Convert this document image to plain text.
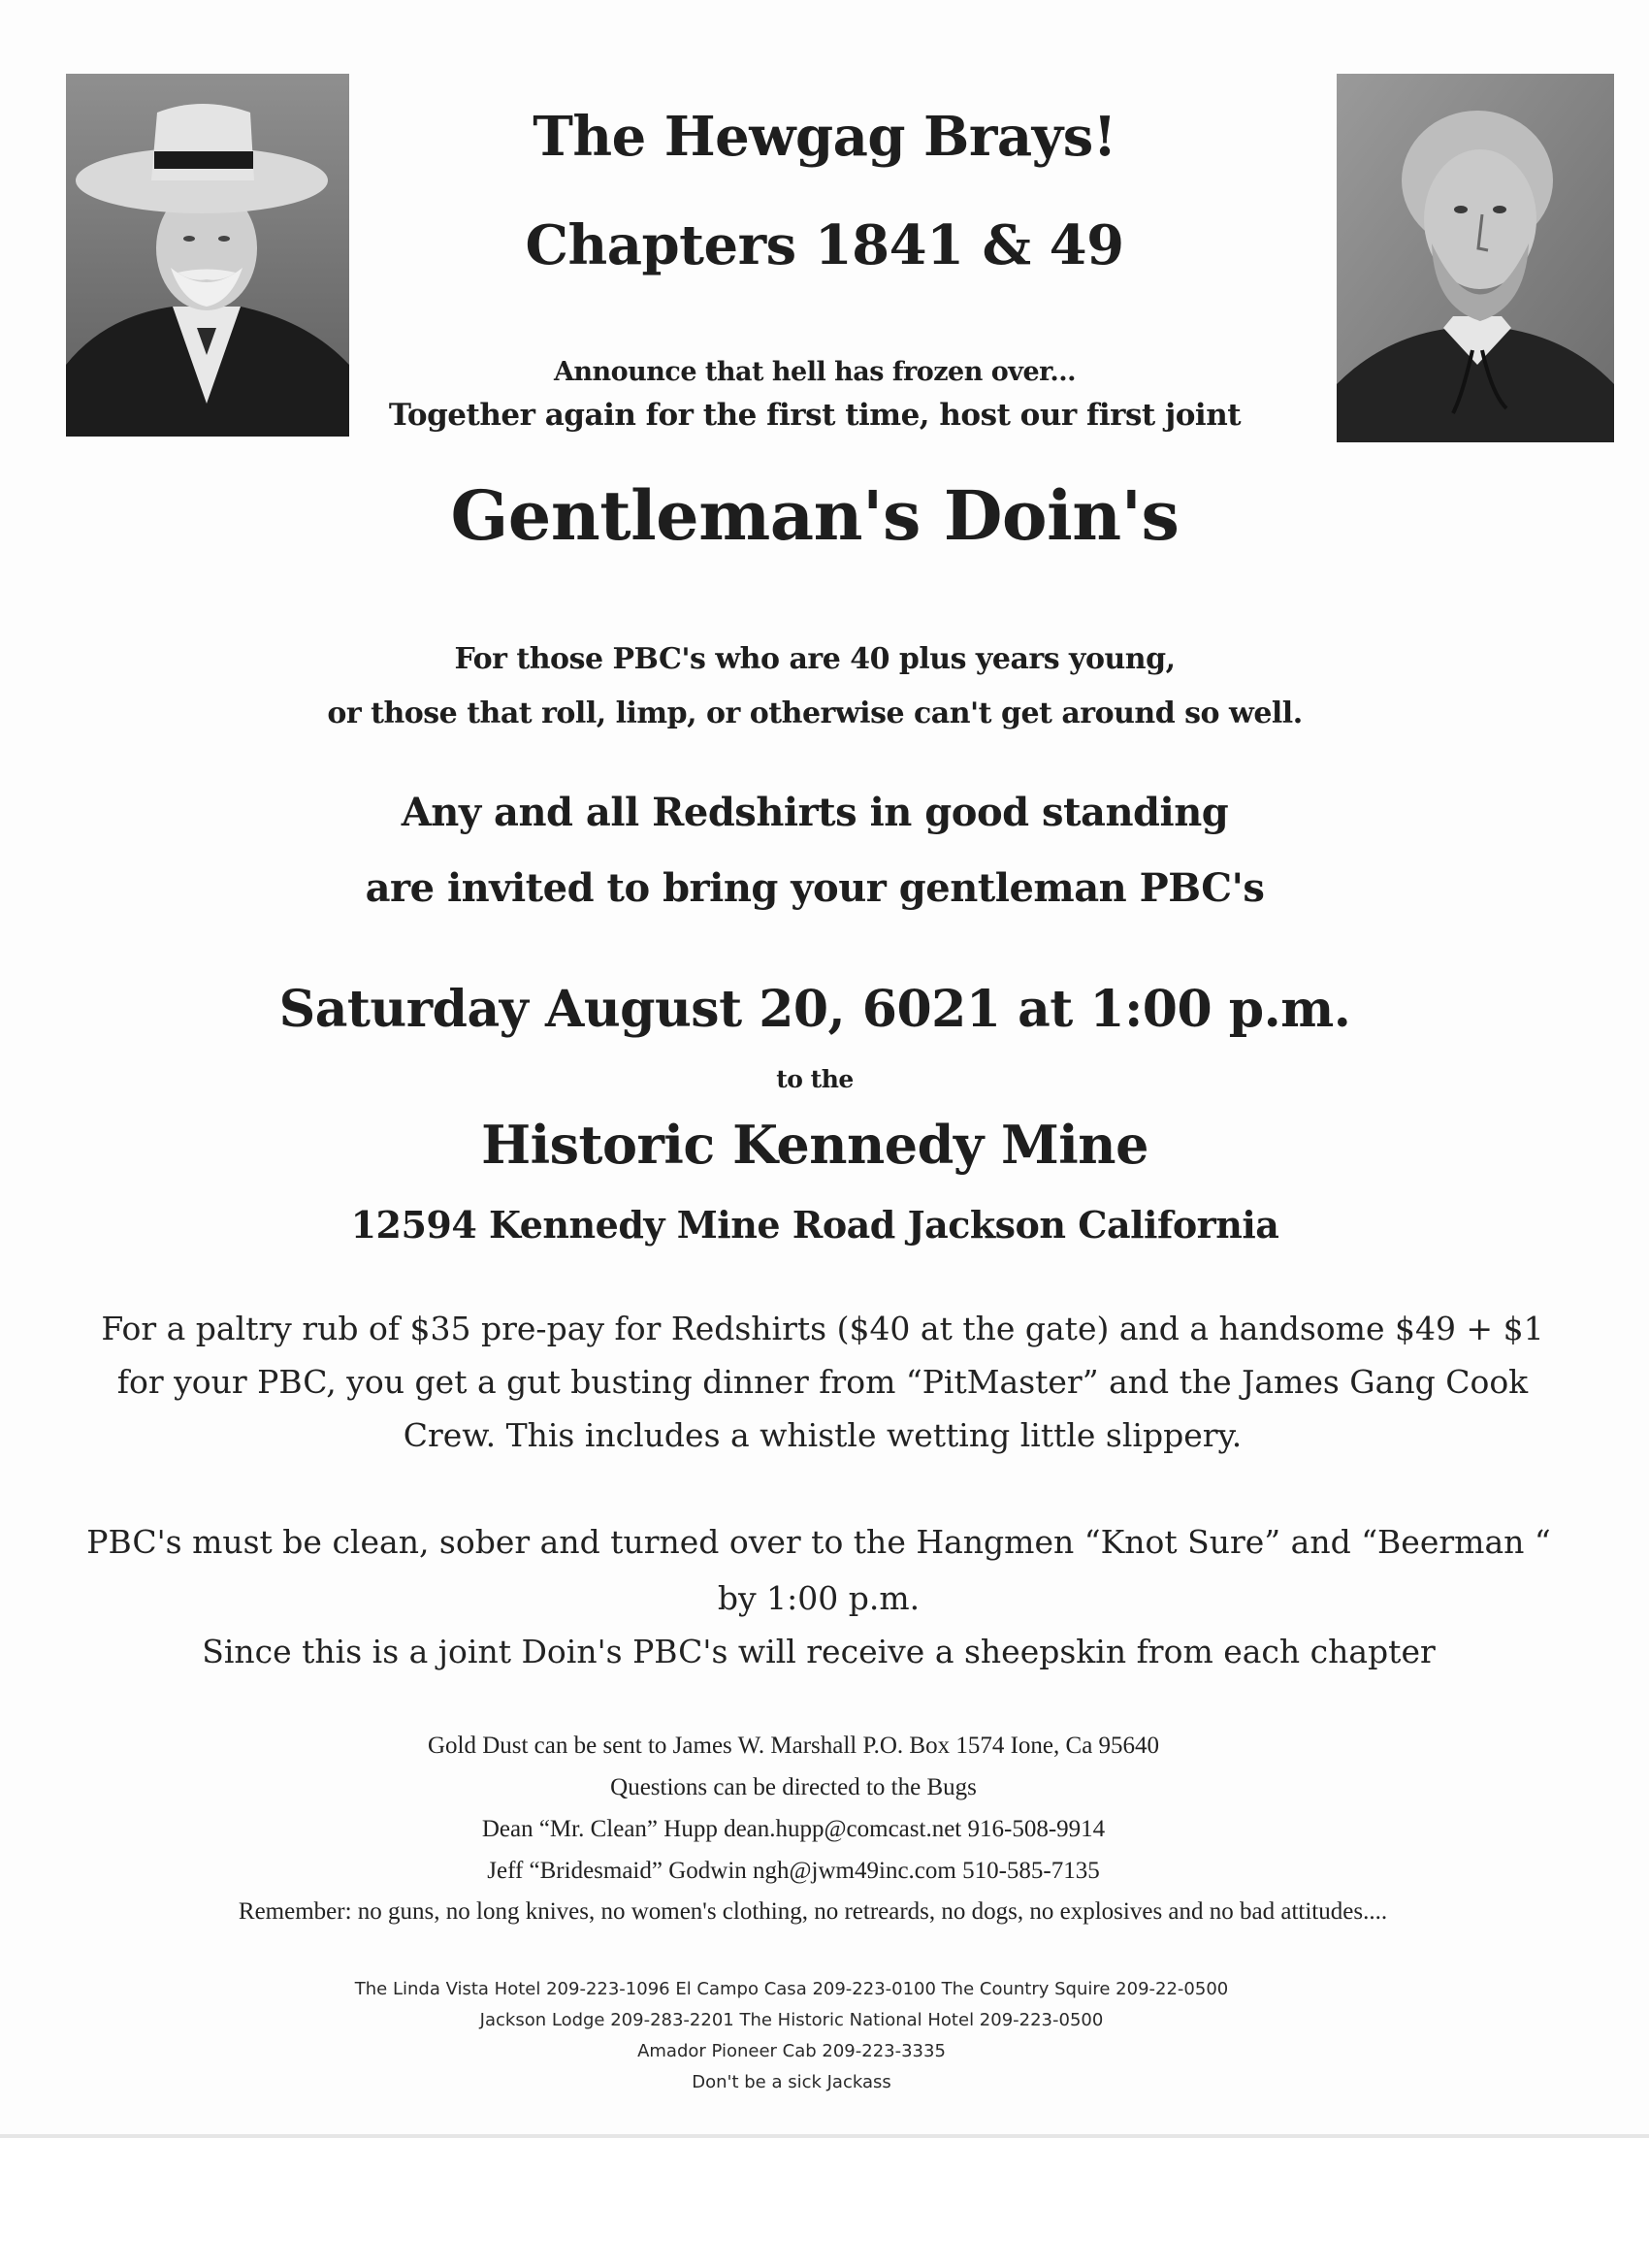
The Hewgag Brays!
Chapters 1841 & 49
Announce that hell has frozen over...
Together again for the first time, host our first joint
Gentleman's Doin's
For those PBC's who are 40 plus years young,
or those that roll, limp, or otherwise can't get around so well.
Any and all Redshirts in good standing
are invited to bring your gentleman PBC's
Saturday August 20, 6021 at 1:00 p.m.
to the
Historic Kennedy Mine
12594 Kennedy Mine Road Jackson California
For a paltry rub of $35 pre-pay for Redshirts ($40 at the gate) and a handsome $49 + $1
for your PBC, you get a gut busting dinner from “PitMaster” and the James Gang Cook
Crew. This includes a whistle wetting little slippery.
PBC's must be clean, sober and turned over to the Hangmen “Knot Sure” and “Beerman “
by 1:00 p.m.
Since this is a joint Doin's PBC's will receive a sheepskin from each chapter
Gold Dust can be sent to James W. Marshall P.O. Box 1574 Ione, Ca 95640
Questions can be directed to the Bugs
Dean “Mr. Clean” Hupp dean.hupp@comcast.net 916-508-9914
Jeff “Bridesmaid” Godwin ngh@jwm49inc.com 510-585-7135
Remember: no guns, no long knives, no women's clothing, no retreards, no dogs, no explosives and no bad attitudes....
The Linda Vista Hotel 209-223-1096 El Campo Casa 209-223-0100 The Country Squire 209-22-0500
Jackson Lodge 209-283-2201 The Historic National Hotel 209-223-0500
Amador Pioneer Cab 209-223-3335
Don't be a sick Jackass
